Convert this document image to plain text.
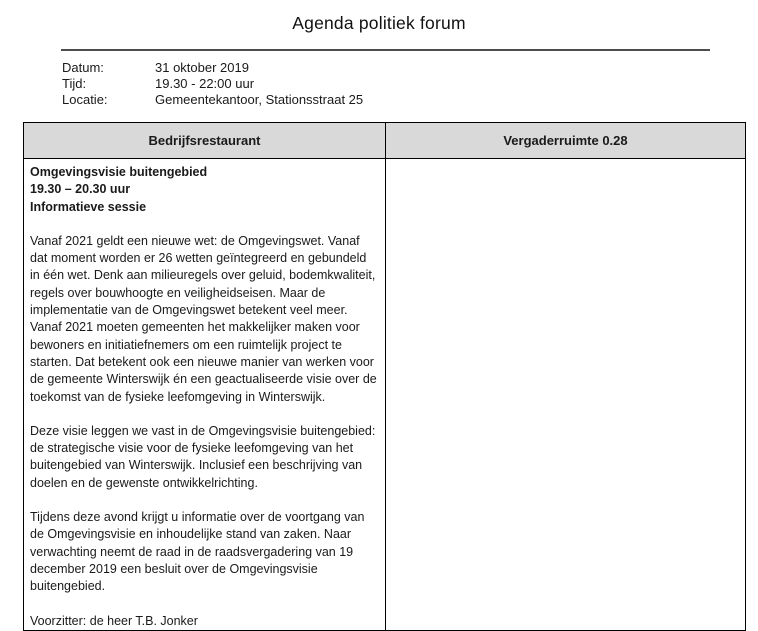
Agenda politiek forum
Datum:	31 oktober 2019
Tijd:	19.30 - 22:00 uur
Locatie:	Gemeentekantoor, Stationsstraat 25
Bedrijfsrestaurant	Vergaderruimte 0.28

Omgevingsvisie buitengebied
19.30 – 20.30 uur
Informatieve sessie

Vanaf 2021 geldt een nieuwe wet: de Omgevingswet. Vanaf dat moment worden er 26 wetten geïntegreerd en gebundeld in één wet. Denk aan milieuregels over geluid, bodemkwaliteit, regels over bouwhoogte en veiligheidseisen. Maar de implementatie van de Omgevingswet betekent veel meer. Vanaf 2021 moeten gemeenten het makkelijker maken voor bewoners en initiatiefnemers om een ruimtelijk project te starten. Dat betekent ook een nieuwe manier van werken voor de gemeente Winterswijk én een geactualiseerde visie over de toekomst van de fysieke leefomgeving in Winterswijk.

Deze visie leggen we vast in de Omgevingsvisie buitengebied: de strategische visie voor de fysieke leefomgeving van het buitengebied van Winterswijk. Inclusief een beschrijving van doelen en de gewenste ontwikkelrichting.

Tijdens deze avond krijgt u informatie over de voortgang van de Omgevingsvisie en inhoudelijke stand van zaken. Naar verwachting neemt de raad in de raadsvergadering van 19 december 2019 een besluit over de Omgevingsvisie buitengebied.

Voorzitter: de heer T.B. Jonker
